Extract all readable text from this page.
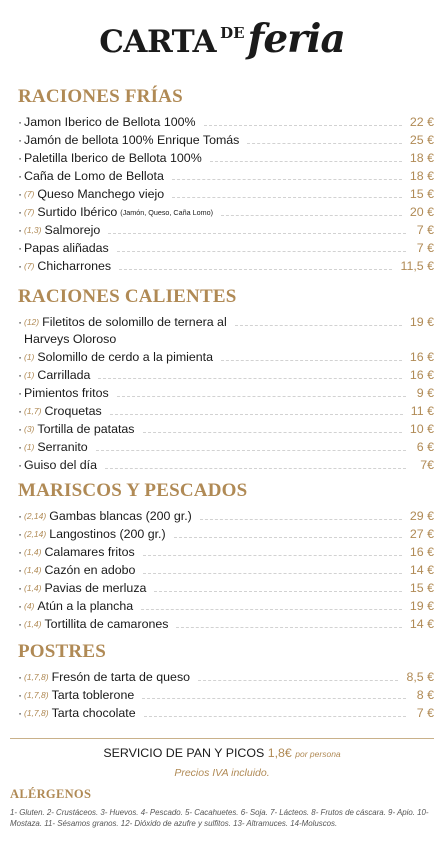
CARTA DEferia
RACIONES FRÍAS
· Jamon Iberico de Bellota 100%	22 €
· Jamón de bellota 100% Enrique Tomás	25 €
· Paletilla Iberico de Bellota 100%	18 €
· Caña de Lomo de Bellota	18 €
· (7) Queso Manchego viejo	15 €
· (7) Surtido Ibérico (Jamón, Queso, Caña Lomo)	20 €
· (1,3) Salmorejo	7 €
· Papas aliñadas	7 €
· (7) Chicharrones	11,5 €
RACIONES CALIENTES
· (12) Filetitos de solomillo de ternera al	19 €
Harveys Oloroso
· (1) Solomillo de cerdo a la pimienta	16 €
· (1) Carrillada	16 €
· Pimientos fritos	9 €
· (1,7) Croquetas	11 €
· (3) Tortilla de patatas	10 €
· (1) Serranito	6 €
· Guiso del día	7€
MARISCOS Y PESCADOS
· (2,14) Gambas blancas (200 gr.)	29 €
· (2,14) Langostinos (200 gr.)	27 €
· (1,4) Calamares fritos	16 €
· (1,4) Cazón en adobo	14 €
· (1,4) Pavias de merluza	15 €
· (4) Atún a la plancha	19 €
· (1,4) Tortillita de camarones	14 €
POSTRES
· (1,7,8) Fresón de tarta de queso	8,5 €
· (1,7,8) Tarta toblerone	8 €
· (1,7,8) Tarta chocolate	7 €
SERVICIO DE PAN Y PICOS 1,8€ por persona
Precios IVA incluido.
ALÉRGENOS
1- Gluten. 2- Crustáceos. 3- Huevos. 4- Pescado. 5- Cacahuetes. 6- Soja. 7- Lácteos. 8- Frutos de cáscara. 9- Apio. 10- Mostaza. 11- Sésamos granos. 12- Dióxido de azufre y sulfitos. 13- Altramuces. 14-Moluscos.
